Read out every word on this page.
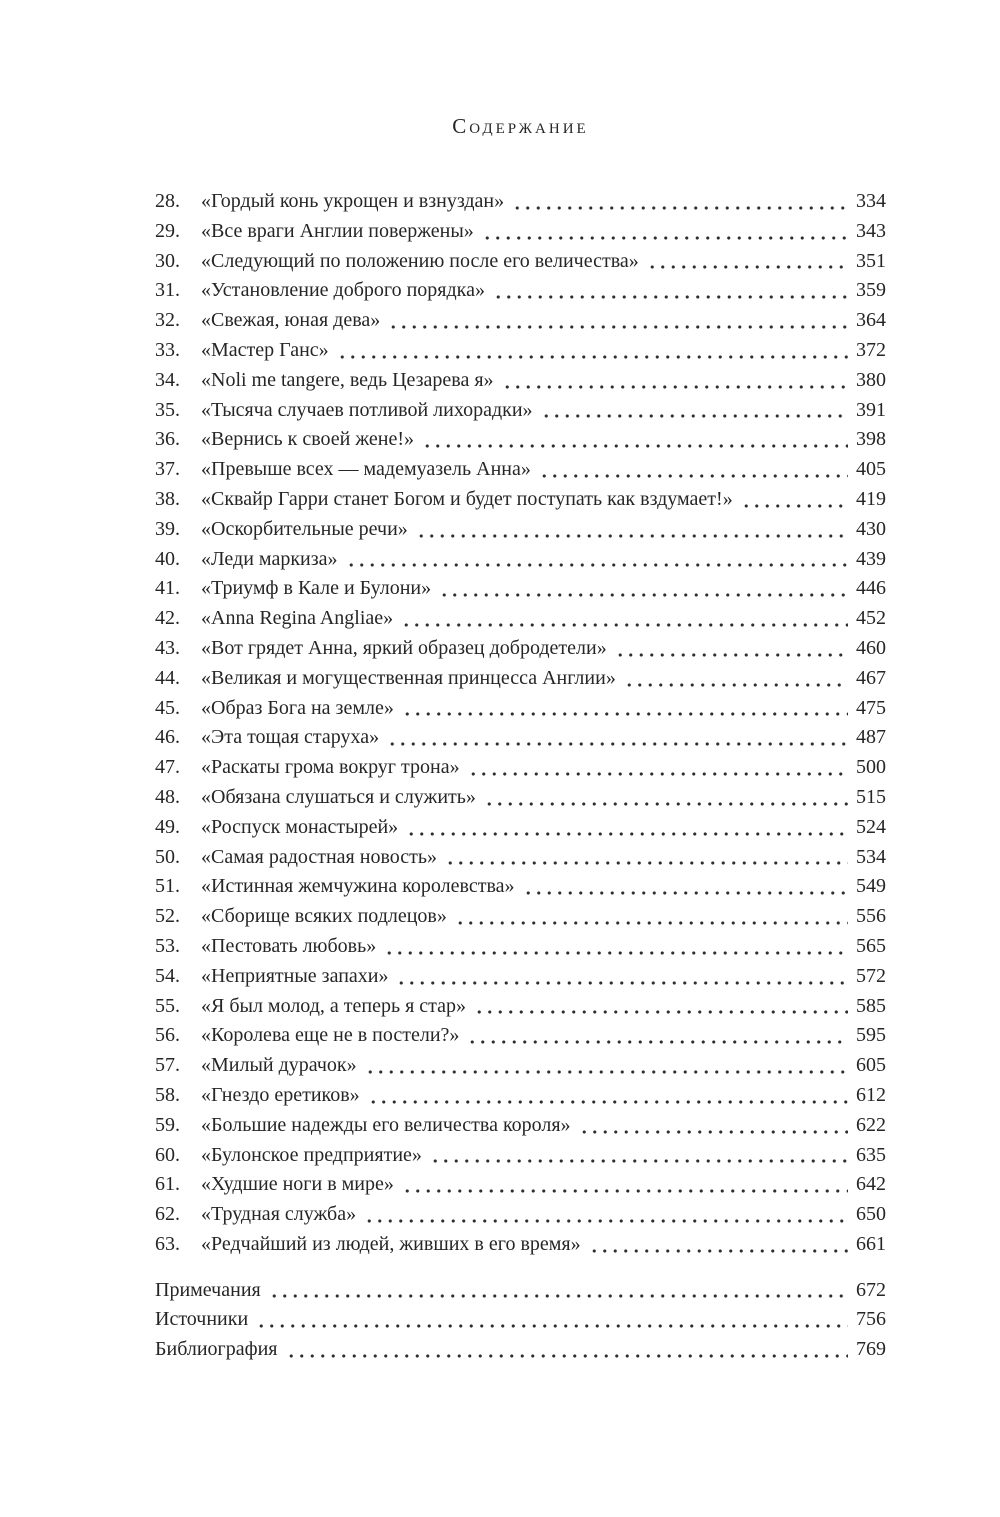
Содержание
28.	«Гордый конь укрощен и взнуздан»	334
29.	«Все враги Англии повержены»	343
30.	«Следующий по положению после его величества»	351
31.	«Установление доброго порядка»	359
32.	«Свежая, юная дева»	364
33.	«Мастер Ганс»	372
34.	«Noli me tangere, ведь Цезарева я»	380
35.	«Тысяча случаев потливой лихорадки»	391
36.	«Вернись к своей жене!»	398
37.	«Превыше всех — мадемуазель Анна»	405
38.	«Сквайр Гарри станет Богом и будет поступать как вздумает!»	419
39.	«Оскорбительные речи»	430
40.	«Леди маркиза»	439
41.	«Триумф в Кале и Булони»	446
42.	«Anna Regina Angliae»	452
43.	«Вот грядет Анна, яркий образец добродетели»	460
44.	«Великая и могущественная принцесса Англии»	467
45.	«Образ Бога на земле»	475
46.	«Эта тощая старуха»	487
47.	«Раскаты грома вокруг трона»	500
48.	«Обязана слушаться и служить»	515
49.	«Роспуск монастырей»	524
50.	«Самая радостная новость»	534
51.	«Истинная жемчужина королевства»	549
52.	«Сборище всяких подлецов»	556
53.	«Пестовать любовь»	565
54.	«Неприятные запахи»	572
55.	«Я был молод, а теперь я стар»	585
56.	«Королева еще не в постели?»	595
57.	«Милый дурачок»	605
58.	«Гнездо еретиков»	612
59.	«Большие надежды его величества короля»	622
60.	«Булонское предприятие»	635
61.	«Худшие ноги в мире»	642
62.	«Трудная служба»	650
63.	«Редчайший из людей, живших в его время»	661
Примечания	672
Источники	756
Библиография	769
